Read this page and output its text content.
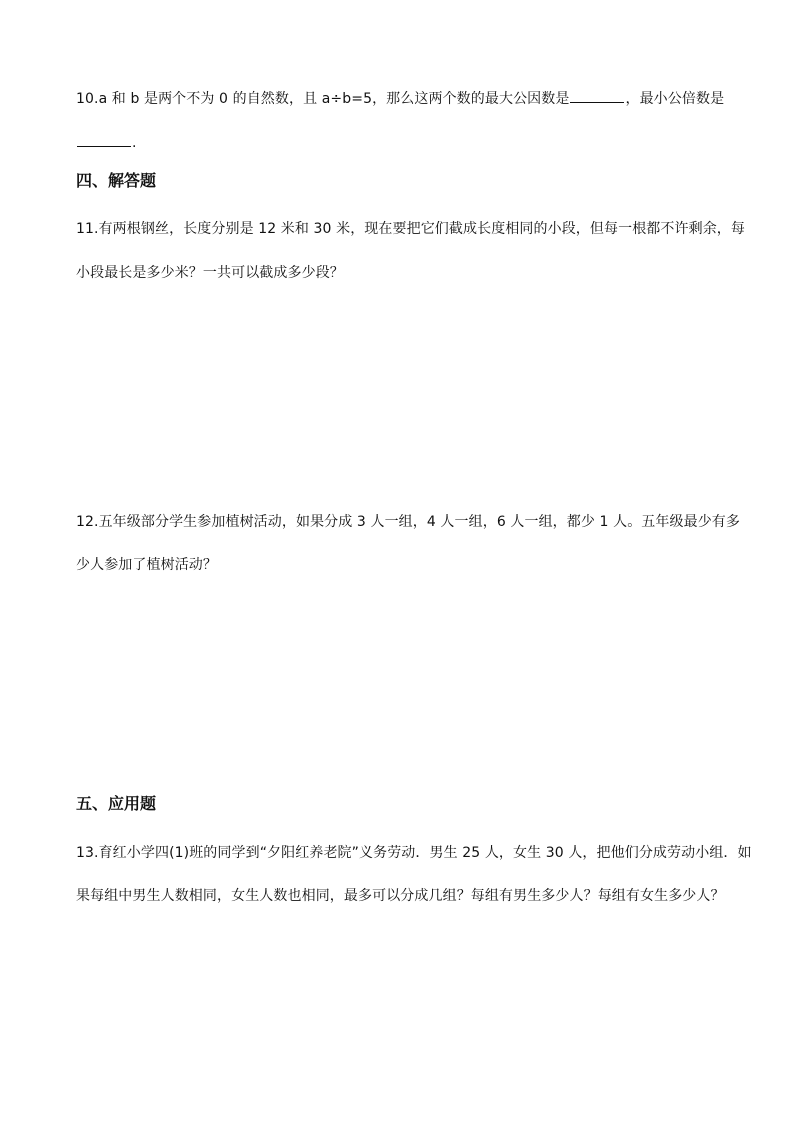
10.a 和 b 是两个不为 0 的自然数，且 a÷b=5，那么这两个数的最大公因数是	，最小公倍数是
.
四、解答题
11.有两根钢丝，长度分别是 12 米和 30 米，现在要把它们截成长度相同的小段，但每一根都不许剩余，每
小段最长是多少米？一共可以截成多少段？
12.五年级部分学生参加植树活动，如果分成 3 人一组，4 人一组，6 人一组，都少 1 人。五年级最少有多
少人参加了植树活动？
五、应用题
13.育红小学四(1)班的同学到“夕阳红养老院”义务劳动．男生 25 人，女生 30 人，把他们分成劳动小组．如
果每组中男生人数相同，女生人数也相同，最多可以分成几组？每组有男生多少人？每组有女生多少人？
